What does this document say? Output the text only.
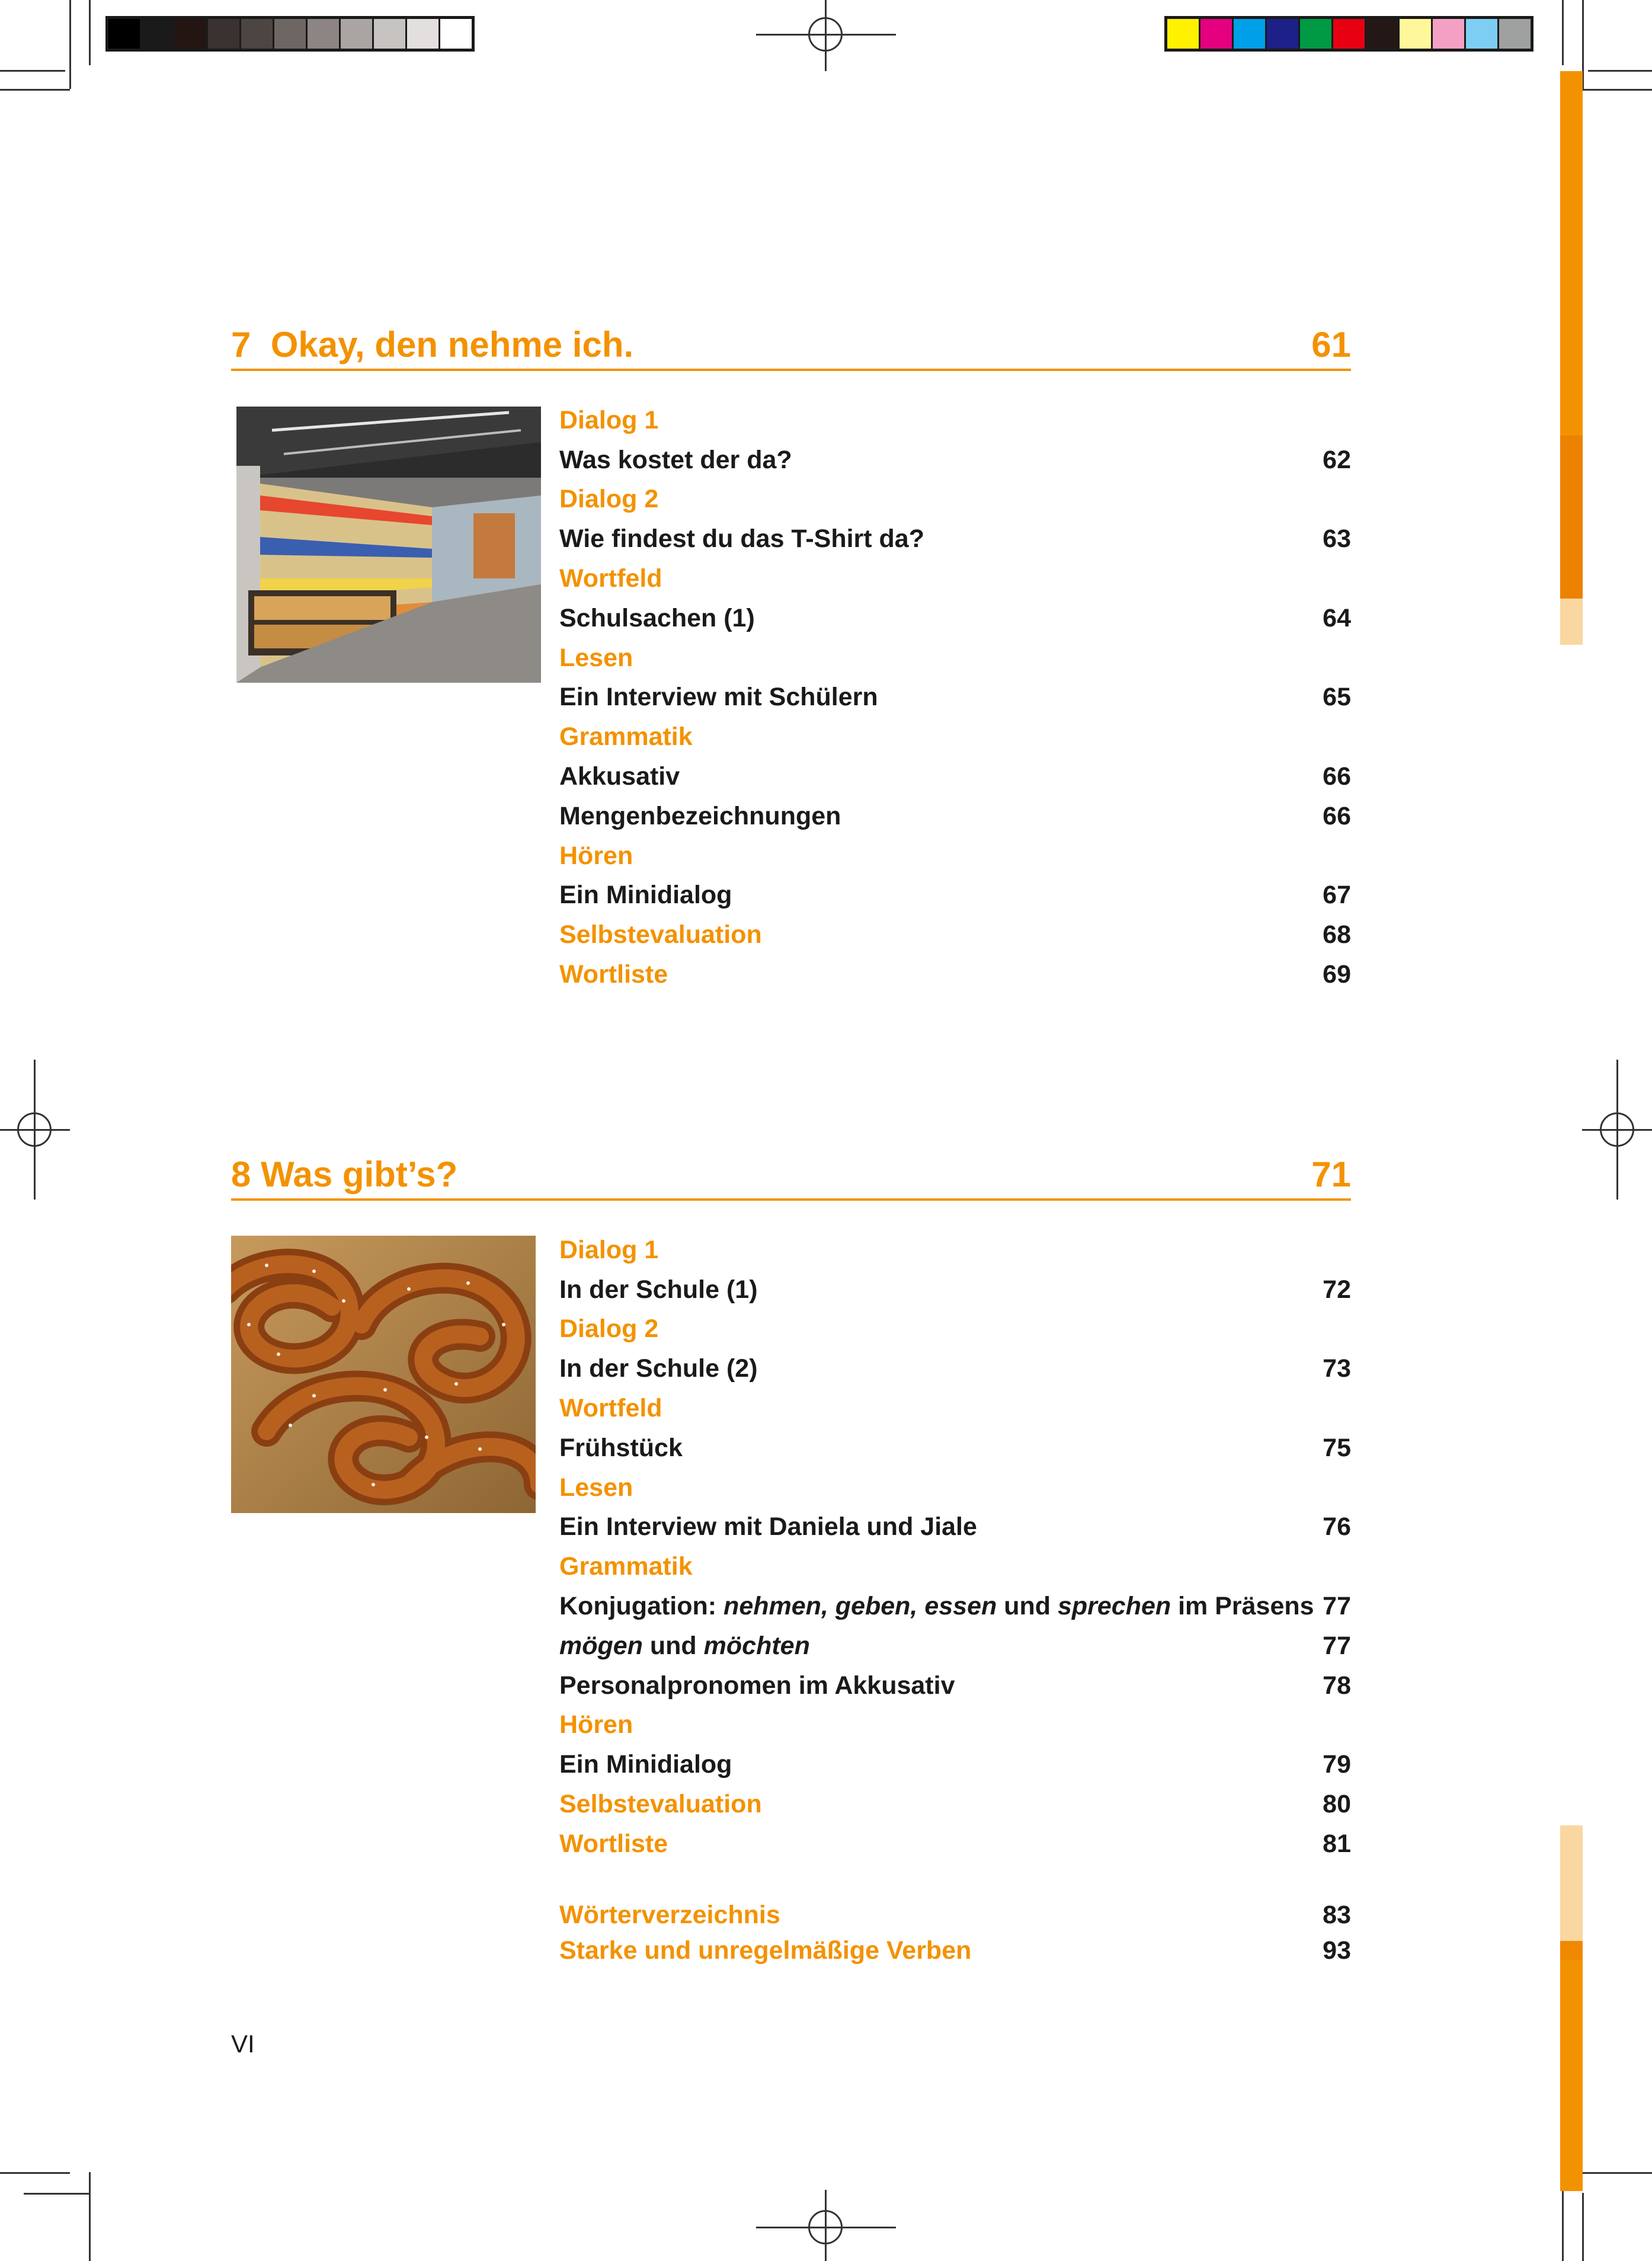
7 Okay, den nehme ich.	61
Dialog 1
Was kostet der da?	62
Dialog 2
Wie findest du das T-Shirt da?	63
Wortfeld
Schulsachen (1)	64
Lesen
Ein Interview mit Schülern	65
Grammatik
Akkusativ	66
Mengenbezeichnungen	66
Hören
Ein Minidialog	67
Selbstevaluation	68
Wortliste	69
8 Was gibt’s?	71
Dialog 1
In der Schule (1)	72
Dialog 2
In der Schule (2)	73
Wortfeld
Frühstück	75
Lesen
Ein Interview mit Daniela und Jiale	76
Grammatik
Konjugation: nehmen, geben, essen und sprechen im Präsens 77
mögen und möchten	77
Personalpronomen im Akkusativ	78
Hören
Ein Minidialog	79
Selbstevaluation	80
Wortliste	81
Wörterverzeichnis	83
Starke und unregelmäßige Verben	93
VI
